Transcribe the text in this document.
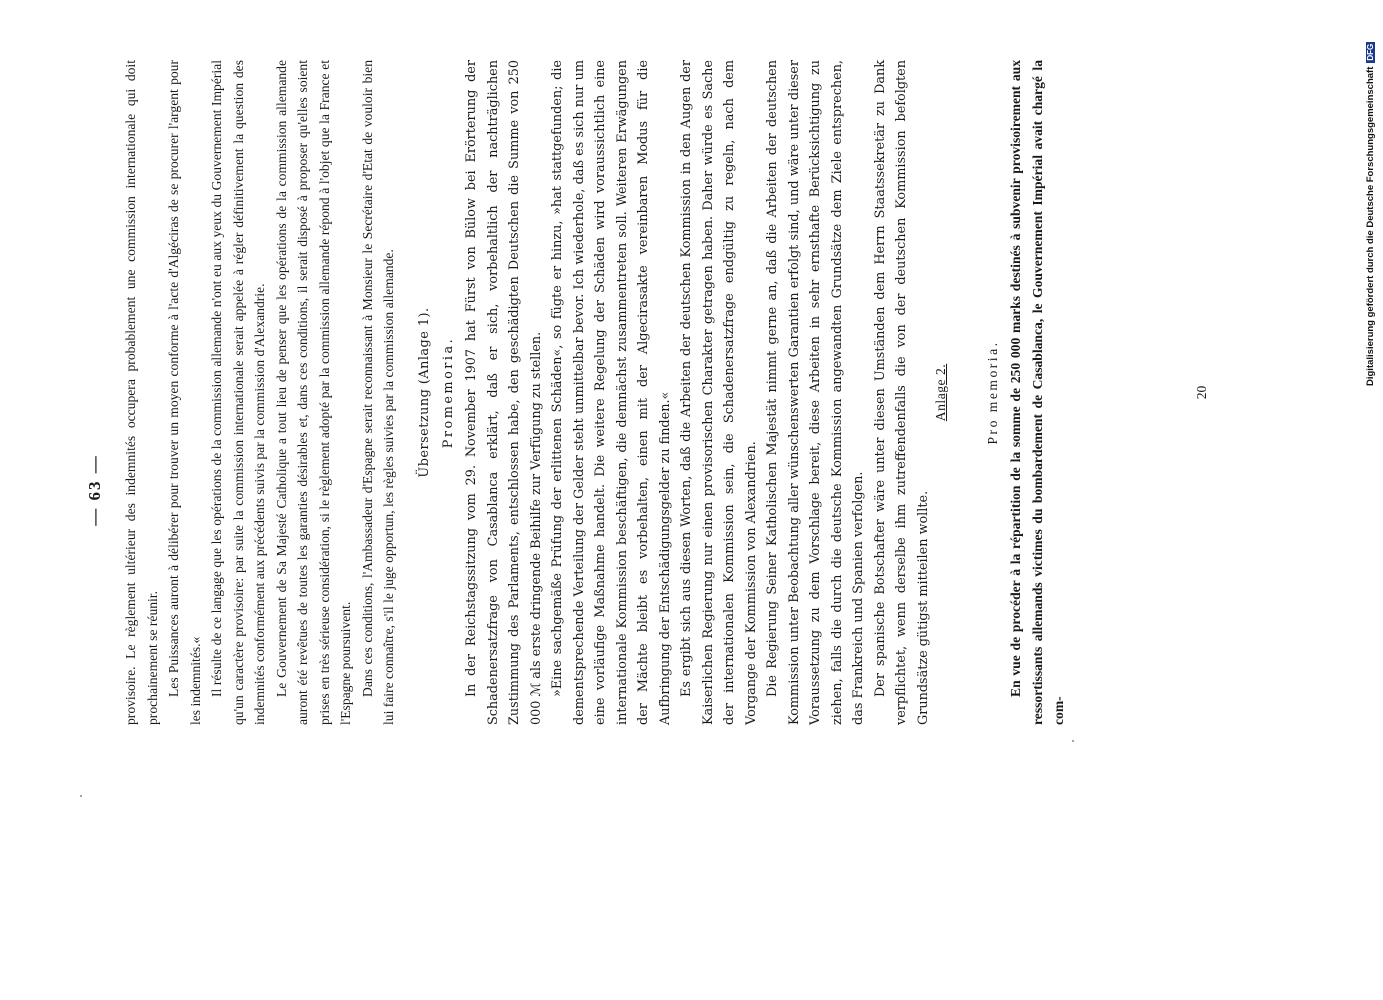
— 63 — provisoire. Le règlement ultérieur des indemnités occupera probablement une commission internationale qui doit prochainement se réunir. Les Puissances auront à délibérer pour trouver un moyen conforme à l'acte d'Algéciras de se procurer l'argent pour les indemnités.« Il résulte de ce langage que les opérations de la commission allemande n'ont eu aux yeux du Gouvernement Impérial qu'un caractère provisoire: par suite la commission internationale serait appelée à régler définitivement la question des indemnités conformément aux précédents suivis par la commission d'Alexandrie. Le Gouvernement de Sa Majesté Catholique a tout lieu de penser que les opérations de la commission allemande auront été revêtues de toutes les garanties désirables et, dans ces conditions, il serait disposé à proposer qu'elles soient prises en très sérieuse considération, si le règlement adopté par la commission allemande répond à l'objet que la France et l'Espagne poursuivent. Dans ces conditions, l'Ambassadeur d'Espagne serait reconnaissant à Monsieur le Secrétaire d'Etat de vouloir bien lui faire connaître, s'il le juge opportun, les règles suivies par la commission allemande. Übersetzung (Anlage 1). Promemoria. In der Reichstagssitzung vom 29. November 1907 hat Fürst von Bülow bei Erörterung der Schadenersatzfrage von Casablanca erklärt, daß er sich, vorbehaltlich der nachträglichen Zustimmung des Parlaments, entschlossen habe, den geschädigten Deutschen die Summe von 250 000 ℳ als erste dringende Beihilfe zur Verfügung zu stellen. »Eine sachgemäße Prüfung der erlittenen Schäden«, so fügte er hinzu, »hat stattgefunden; die dementsprechende Verteilung der Gelder steht unmittelbar bevor. Ich wiederhole, daß es sich nur um eine vorläufige Maßnahme handelt. Die weitere Regelung der Schäden wird voraussichtlich eine internationale Kommission beschäftigen, die demnächst zusammentreten soll. Weiteren Erwägungen der Mächte bleibt es vorbehalten, einen mit der Algecirasakte vereinbaren Modus für die Aufbringung der Entschädigungsgelder zu finden.« Es ergibt sich aus diesen Worten, daß die Arbeiten der deutschen Kommission in den Augen der Kaiserlichen Regierung nur einen provisorischen Charakter getragen haben. Daher würde es Sache der internationalen Kommission sein, die Schadenersatzfrage endgültig zu regeln, nach dem Vorgange der Kommission von Alexandrien. Die Regierung Seiner Katholischen Majestät nimmt gerne an, daß die Arbeiten der deutschen Kommission unter Beobachtung aller wünschenswerten Garantien erfolgt sind, und wäre unter dieser Voraussetzung zu dem Vorschlage bereit, diese Arbeiten in sehr ernsthafte Berücksichtigung zu ziehen, falls die durch die deutsche Kommission angewandten Grundsätze dem Ziele entsprechen, das Frankreich und Spanien verfolgen. Der spanische Botschafter wäre unter diesen Umständen dem Herrn Staatssekretär zu Dank verpflichtet, wenn derselbe ihm zutreffendenfalls die von der deutschen Kommission befolgten Grundsätze gütigst mitteilen wollte.

Anlage 2.	Pro memoria. En vue de procéder à la répartition de la somme de 250 000 marks destinés à subvenir provisoirement aux ressortissants allemands victimes du bombardement de Casablanca, le Gouvernement Impérial avait chargé la com-

20
Digitalisierung gefördert durch die Deutsche ForschungsgemeinschaftDFG
